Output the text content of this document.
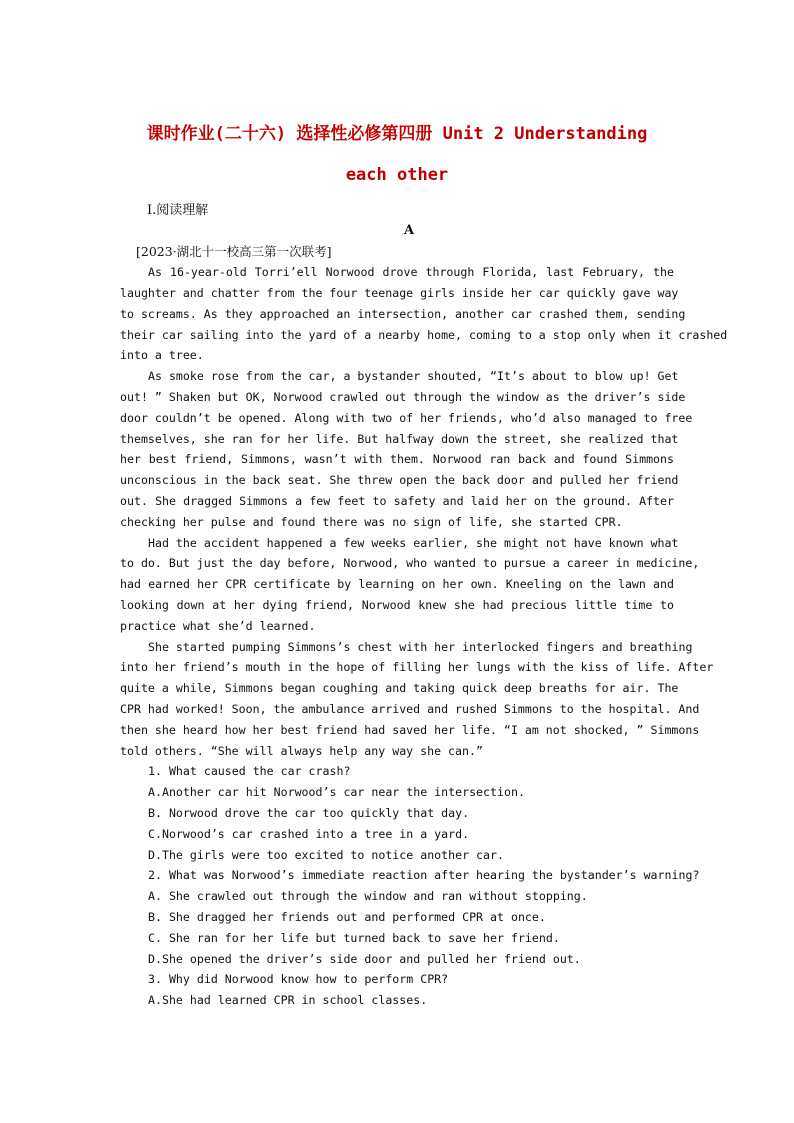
课时作业(二十六) 选择性必修第四册 Unit 2 Understanding
each other
Ⅰ.阅读理解
A
[2023·湖北十一校高三第一次联考]
As 16-year-old Torri’ell Norwood drove through Florida, last February, the
laughter and chatter from the four teenage girls inside her car quickly gave way
to screams. As they approached an intersection, another car crashed them, sending
their car sailing into the yard of a nearby home, coming to a stop only when it crashed
into a tree.
As smoke rose from the car, a bystander shouted, “It’s about to blow up! Get
out! ” Shaken but OK, Norwood crawled out through the window as the driver’s side
door couldn’t be opened. Along with two of her friends, who’d also managed to free
themselves, she ran for her life. But halfway down the street, she realized that
her best friend, Simmons, wasn’t with them. Norwood ran back and found Simmons
unconscious in the back seat. She threw open the back door and pulled her friend
out. She dragged Simmons a few feet to safety and laid her on the ground. After
checking her pulse and found there was no sign of life, she started CPR.
Had the accident happened a few weeks earlier, she might not have known what
to do. But just the day before, Norwood, who wanted to pursue a career in medicine,
had earned her CPR certificate by learning on her own. Kneeling on the lawn and
looking down at her dying friend, Norwood knew she had precious little time to
practice what she’d learned.
She started pumping Simmons’s chest with her interlocked fingers and breathing
into her friend’s mouth in the hope of filling her lungs with the kiss of life. After
quite a while, Simmons began coughing and taking quick deep breaths for air. The
CPR had worked! Soon, the ambulance arrived and rushed Simmons to the hospital. And
then she heard how her best friend had saved her life. “I am not shocked, ” Simmons
told others. “She will always help any way she can.”
1. What caused the car crash?
A.Another car hit Norwood’s car near the intersection.
B. Norwood drove the car too quickly that day.
C.Norwood’s car crashed into a tree in a yard.
D.The girls were too excited to notice another car.
2. What was Norwood’s immediate reaction after hearing the bystander’s warning?
A. She crawled out through the window and ran without stopping.
B. She dragged her friends out and performed CPR at once.
C. She ran for her life but turned back to save her friend.
D.She opened the driver’s side door and pulled her friend out.
3. Why did Norwood know how to perform CPR?
A.She had learned CPR in school classes.
